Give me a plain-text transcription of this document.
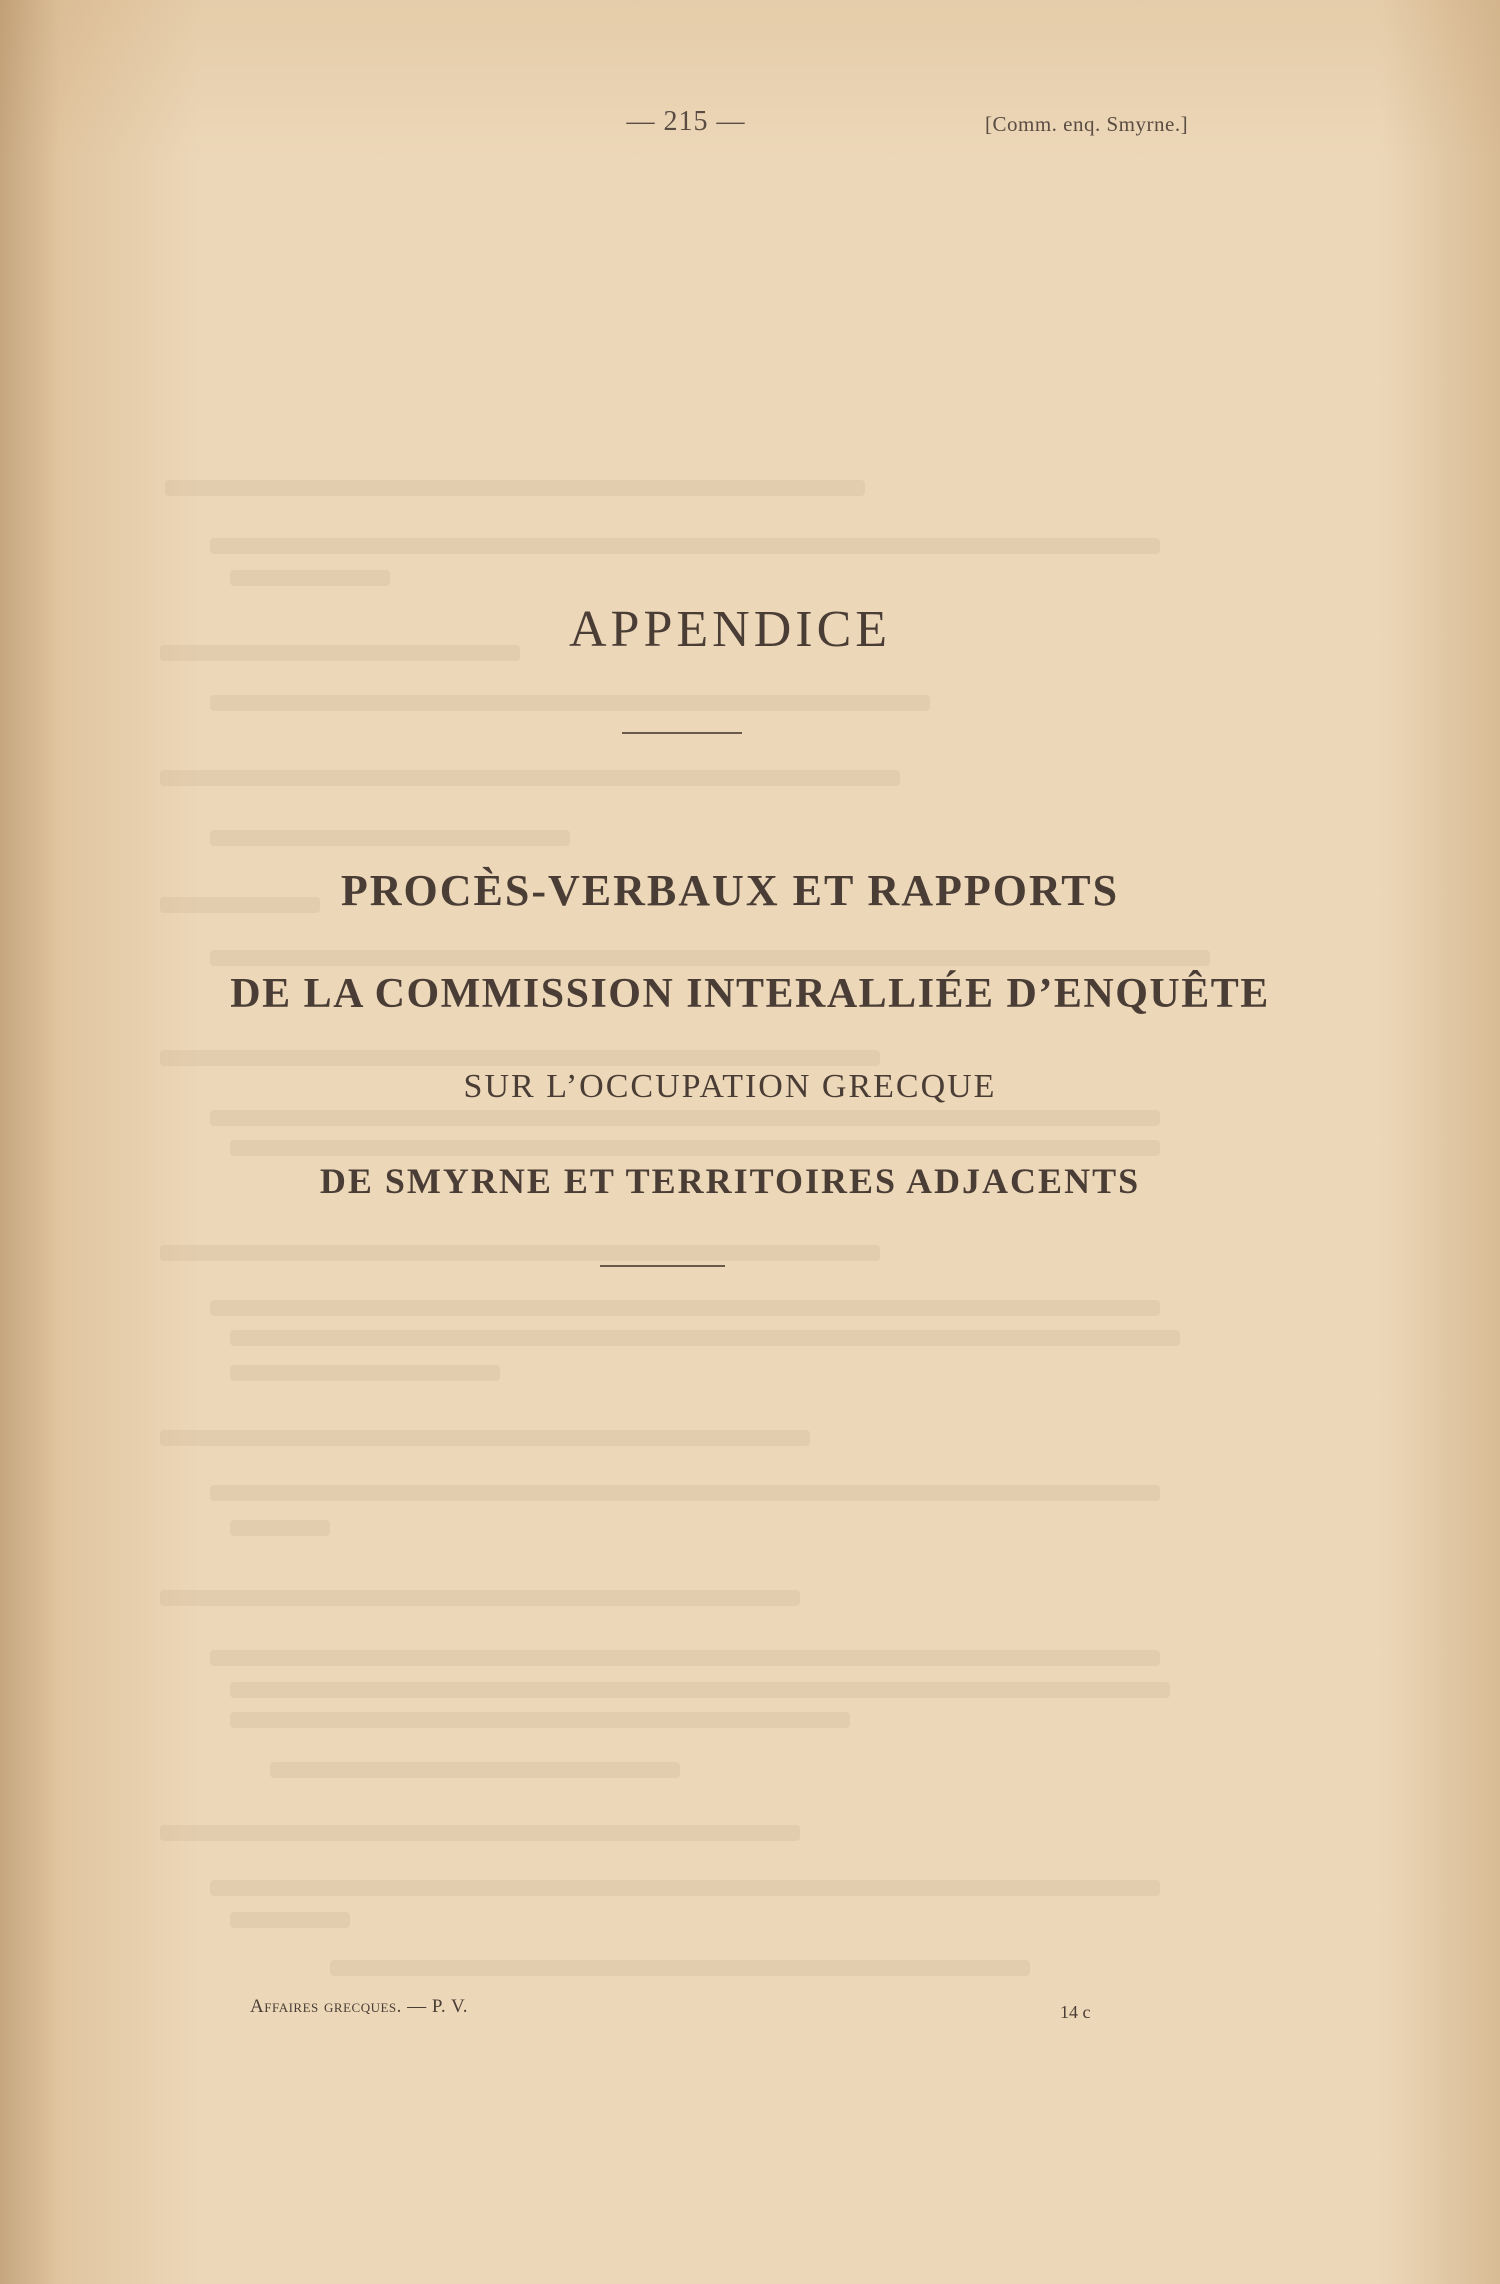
— 215 —	[Comm. enq. Smyrne.]
APPENDICE
PROCÈS-VERBAUX ET RAPPORTS
DE LA COMMISSION INTERALLIÉE D’ENQUÊTE
SUR L’OCCUPATION GRECQUE
DE SMYRNE ET TERRITOIRES ADJACENTS
Affaires grecques. — P. V.	14 c
